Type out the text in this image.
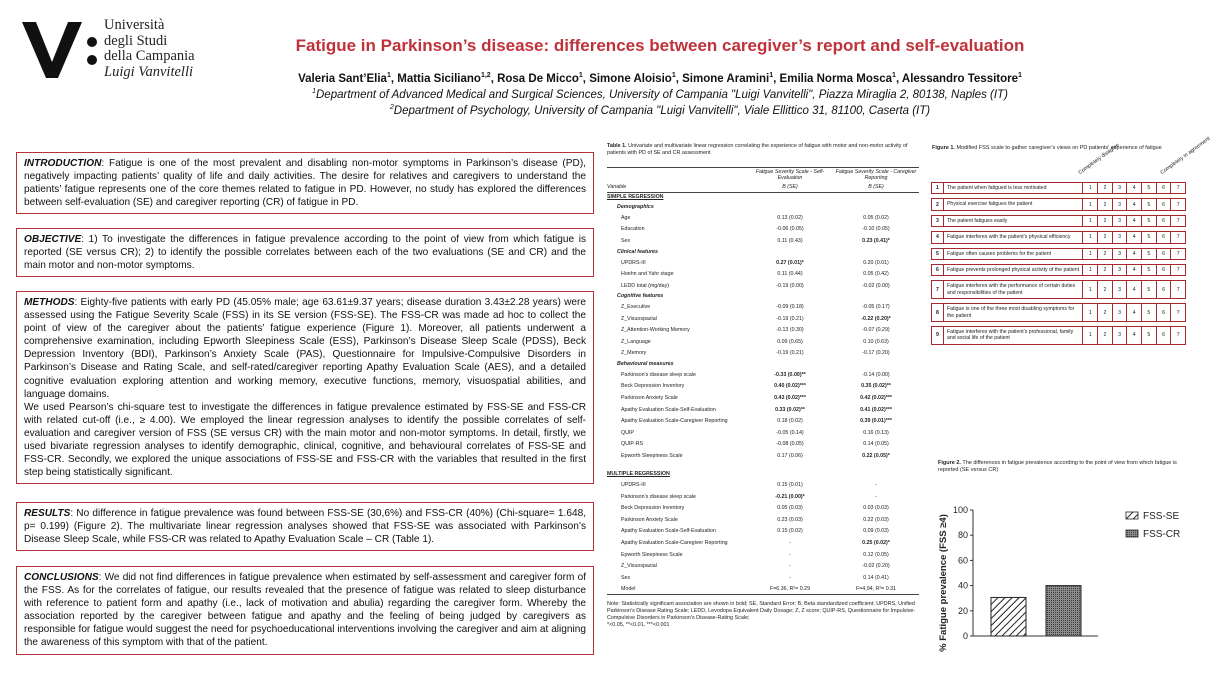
Università
degli Studi
della Campania
Luigi Vanvitelli
Fatigue in Parkinson’s disease: differences between caregiver’s report and self-evaluation
Valeria Sant’Elia$^1$, Mattia Siciliano$^{1,2}$, Rosa De Micco$^1$, Simone Aloisio$^1$, Simone Aramini$^1$, Emilia Norma Mosca$^1$, Alessandro Tessitore$^1$
$^1$Department of Advanced Medical and Surgical Sciences, University of Campania "Luigi Vanvitelli", Piazza Miraglia 2, 80138, Naples (IT)
$^2$Department of Psychology, University of Campania "Luigi Vanvitelli", Viale Ellittico 31, 81100, Caserta (IT)
INTRODUCTION: Fatigue is one of the most prevalent and disabling non-motor symptoms in Parkinson’s disease (PD), negatively impacting patients’ quality of life and daily activities. The desire for relatives and caregivers to understand the patients’ fatigue represents one of the core themes related to fatigue in PD. However, no study has explored the differences between self-evaluation (SE) and caregiver reporting (CR) of fatigue in PD.
OBJECTIVE: 1) To investigate the differences in fatigue prevalence according to the point of view from which fatigue is reported (SE versus CR); 2) to identify the possible correlates between each of the two evaluations (SE and CR) and the main motor and non-motor symptoms.

METHODS: Eighty-five patients with early PD (45.05% male; age 63.61±9.37 years; disease duration 3.43±2.28 years) were assessed using the Fatigue Severity Scale (FSS) in its SE version (FSS-SE). The FSS-CR was made ad hoc to collect the point of view of the caregiver about the patients’ fatigue experience (Figure 1). Moreover, all patients underwent a comprehensive examination, including Epworth Sleepiness Scale (ESS), Parkinson’s Disease Sleep Scale (PDSS), Beck Depression Inventory (BDI), Parkinson’s Anxiety Scale (PAS), Questionnaire for Impulsive-Compulsive Disorders in Parkinson’s Disease and Rating Scale, and self-rated/caregiver reporting Apathy Evaluation Scale (AES), and a detailed cognitive evaluation exploring attention and working memory, executive functions, memory, visuospatial abilities, and language domains.

We used Pearson’s chi-square test to investigate the differences in fatigue prevalence estimated by FSS-SE and FSS-CR with related cut-off (i.e., ≥ 4.00). We employed the linear regression analyses to identify the possible correlates of self-evaluation and caregiver version of FSS (SE versus CR) with the main motor and non-motor symptoms. In detail, firstly, we used bivariate regression analyses to identify demographic, clinical, cognitive, and behavioural correlates of FSS-SE and FSS-CR. Secondly, we explored the unique associations of FSS-SE and FSS-CR with the variables that resulted in the first step being statistically significant.

RESULTS: No difference in fatigue prevalence was found between FSS-SE (30,6%) and FSS-CR (40%) (Chi-square= 1.648, p= 0.199) (Figure 2). The multivariate linear regression analyses showed that FSS-SE was associated with Parkinson’s Disease Sleep Scale, while FSS-CR was related to Apathy Evaluation Scale – CR (Table 1).
CONCLUSIONS: We did not find differences in fatigue prevalence when estimated by self-assessment and caregiver form of the FSS. As for the correlates of fatigue, our results revealed that the presence of fatigue was related to sleep disturbance with reference to patient form and apathy (i.e., lack of motivation and abulia) regarding the caregiver form. Whereby the association reported by the caregiver between fatigue and apathy and the feeling of being judged by caregivers as responsible for fatigue would suggest the need for psychoeducational interventions involving the caregiver and aim at aligning the awareness of this symptom with that of the patient.
Table 1. Univariate and multivariate linear regression correlating the experience of fatigue with motor and non-motor activity of patients with PD of SE and CR assessment
	Fatigue Severity Scale - Self-Evaluation	Fatigue Severity Scale - Caregiver Reporting
Variable	B (SE)	B (SE)
SIMPLE REGRESSION		
Demographics		
Age	0.13 (0.02)	0.05 (0.02)
Education	-0.06 (0.05)	-0.10 (0.05)
Sex	0.11 (0.43)	0.23 (0.41)*
Clinical features		
UPDRS-III	0.27 (0.01)*	0.20 (0.01)
Hoehn and Yahr stage	0.11 (0.44)	0.05 (0.42)
LEDD total (mg/day)	-0.19 (0.00)	-0.02 (0.00)
Cognitive features		
Z_Executive	-0.09 (0.18)	-0.05 (0.17)
Z_Visuospazial	-0.19 (0.21)	-0.22 (0.20)*
Z_Attention-Working Memory	-0.13 (0.30)	-0.07 (0.29)
Z_Language	0.09 (0.65)	0.10 (0.63)
Z_Memory	-0.19 (0.21)	-0.17 (0.20)
Behavioural measures		
Parkinson’s disease sleep scale	-0.33 (0.00)**	-0.14 (0.00)
Beck Depression Inventory	0.40 (0.02)***	0.35 (0.02)**
Parkinson Anxiety Scale	0.43 (0.02)***	0.42 (0.02)***
Apathy Evaluation Scale-Self-Evaluation	0.33 (0.02)**	0.41 (0.02)***
Apathy Evaluation Scale-Caregiver Reporting	0.18 (0.02)	0.39 (0.01)***
QUIP	-0.05 (0.14)	0.16 (0.13)
QUIP-RS	-0.08 (0.05)	0.14 (0.05)
Epworth Sleepiness Scale	0.17 (0.06)	0.22 (0.05)*

MULTIPLE REGRESSION		
UPDRS-III	0.15 (0.01)	-
Parkinson’s disease sleep scale	-0.21 (0.00)*	-
Beck Depression Inventory	0.05 (0.03)	0.03 (0.03)
Parkinson Anxiety Scale	0.23 (0.03)	0.22 (0.03)
Apathy Evaluation Scale-Self-Evaluation	0.15 (0.02)	0,09 (0.03)
Apathy Evaluation Scale-Caregiver Reporting	-	0.25 (0.02)*
Epworth Sleepiness Scale	-	0.12 (0.05)
Z_Visuospazial	-	-0.02 (0.20)
Sex	-	0.14 (0.41)
Model	F=6.36, R²= 0.29	F=4,94, R²= 0.31
Note: Statistically significant association are shown in bold; SE, Standard Error; B, Beta standardized coefficient; UPDRS, Unified Parkinson’s Disease Rating Scale; LEDD, Levodopa Equivalent Daily Dosage; Z, Z score; QUIP-RS, Questionnaire for Impulsive-Compulsive Disorders in Parkinson’s Disease-Rating Scale;
*<0.05, **<0.01, ***<0.001
Figure 1. Modified FSS scale to gather caregiver’s views on PD patients’ experience of fatigue
Completely disagree	Completely in agreement
1	The patient when fatigued is less motivated	1	2	3	4	5	6	7

2	Physical exercise fatigues the patient	1	2	3	4	5	6	7

3	The patient fatigues easily	1	2	3	4	5	6	7

4	Fatigue interferes with the patient’s physical efficiency	1	2	3	4	5	6	7

5	Fatigue often causes problems for the patient	1	2	3	4	5	6	7

6	Fatigue prevents prolonged physical activity of the patient	1	2	3	4	5	6	7

7	Fatigue interferes with the performance of certain duties and responsibilities of the patient	1	2	3	4	5	6	7

8	Fatigue is one of the three most disabling symptoms for the patient	1	2	3	4	5	6	7

9	Fatigue interferes with the patient’s professional, family and social life of the patient	1	2	3	4	5	6	7
Figure 2. The differences in fatigue prevalence according to the point of view from which fatigue is reported (SE versus CR)
0
20
40
60
80
100
% Fatigue prevalence (FSS ≥4)	FSS-SE
FSS-CR
